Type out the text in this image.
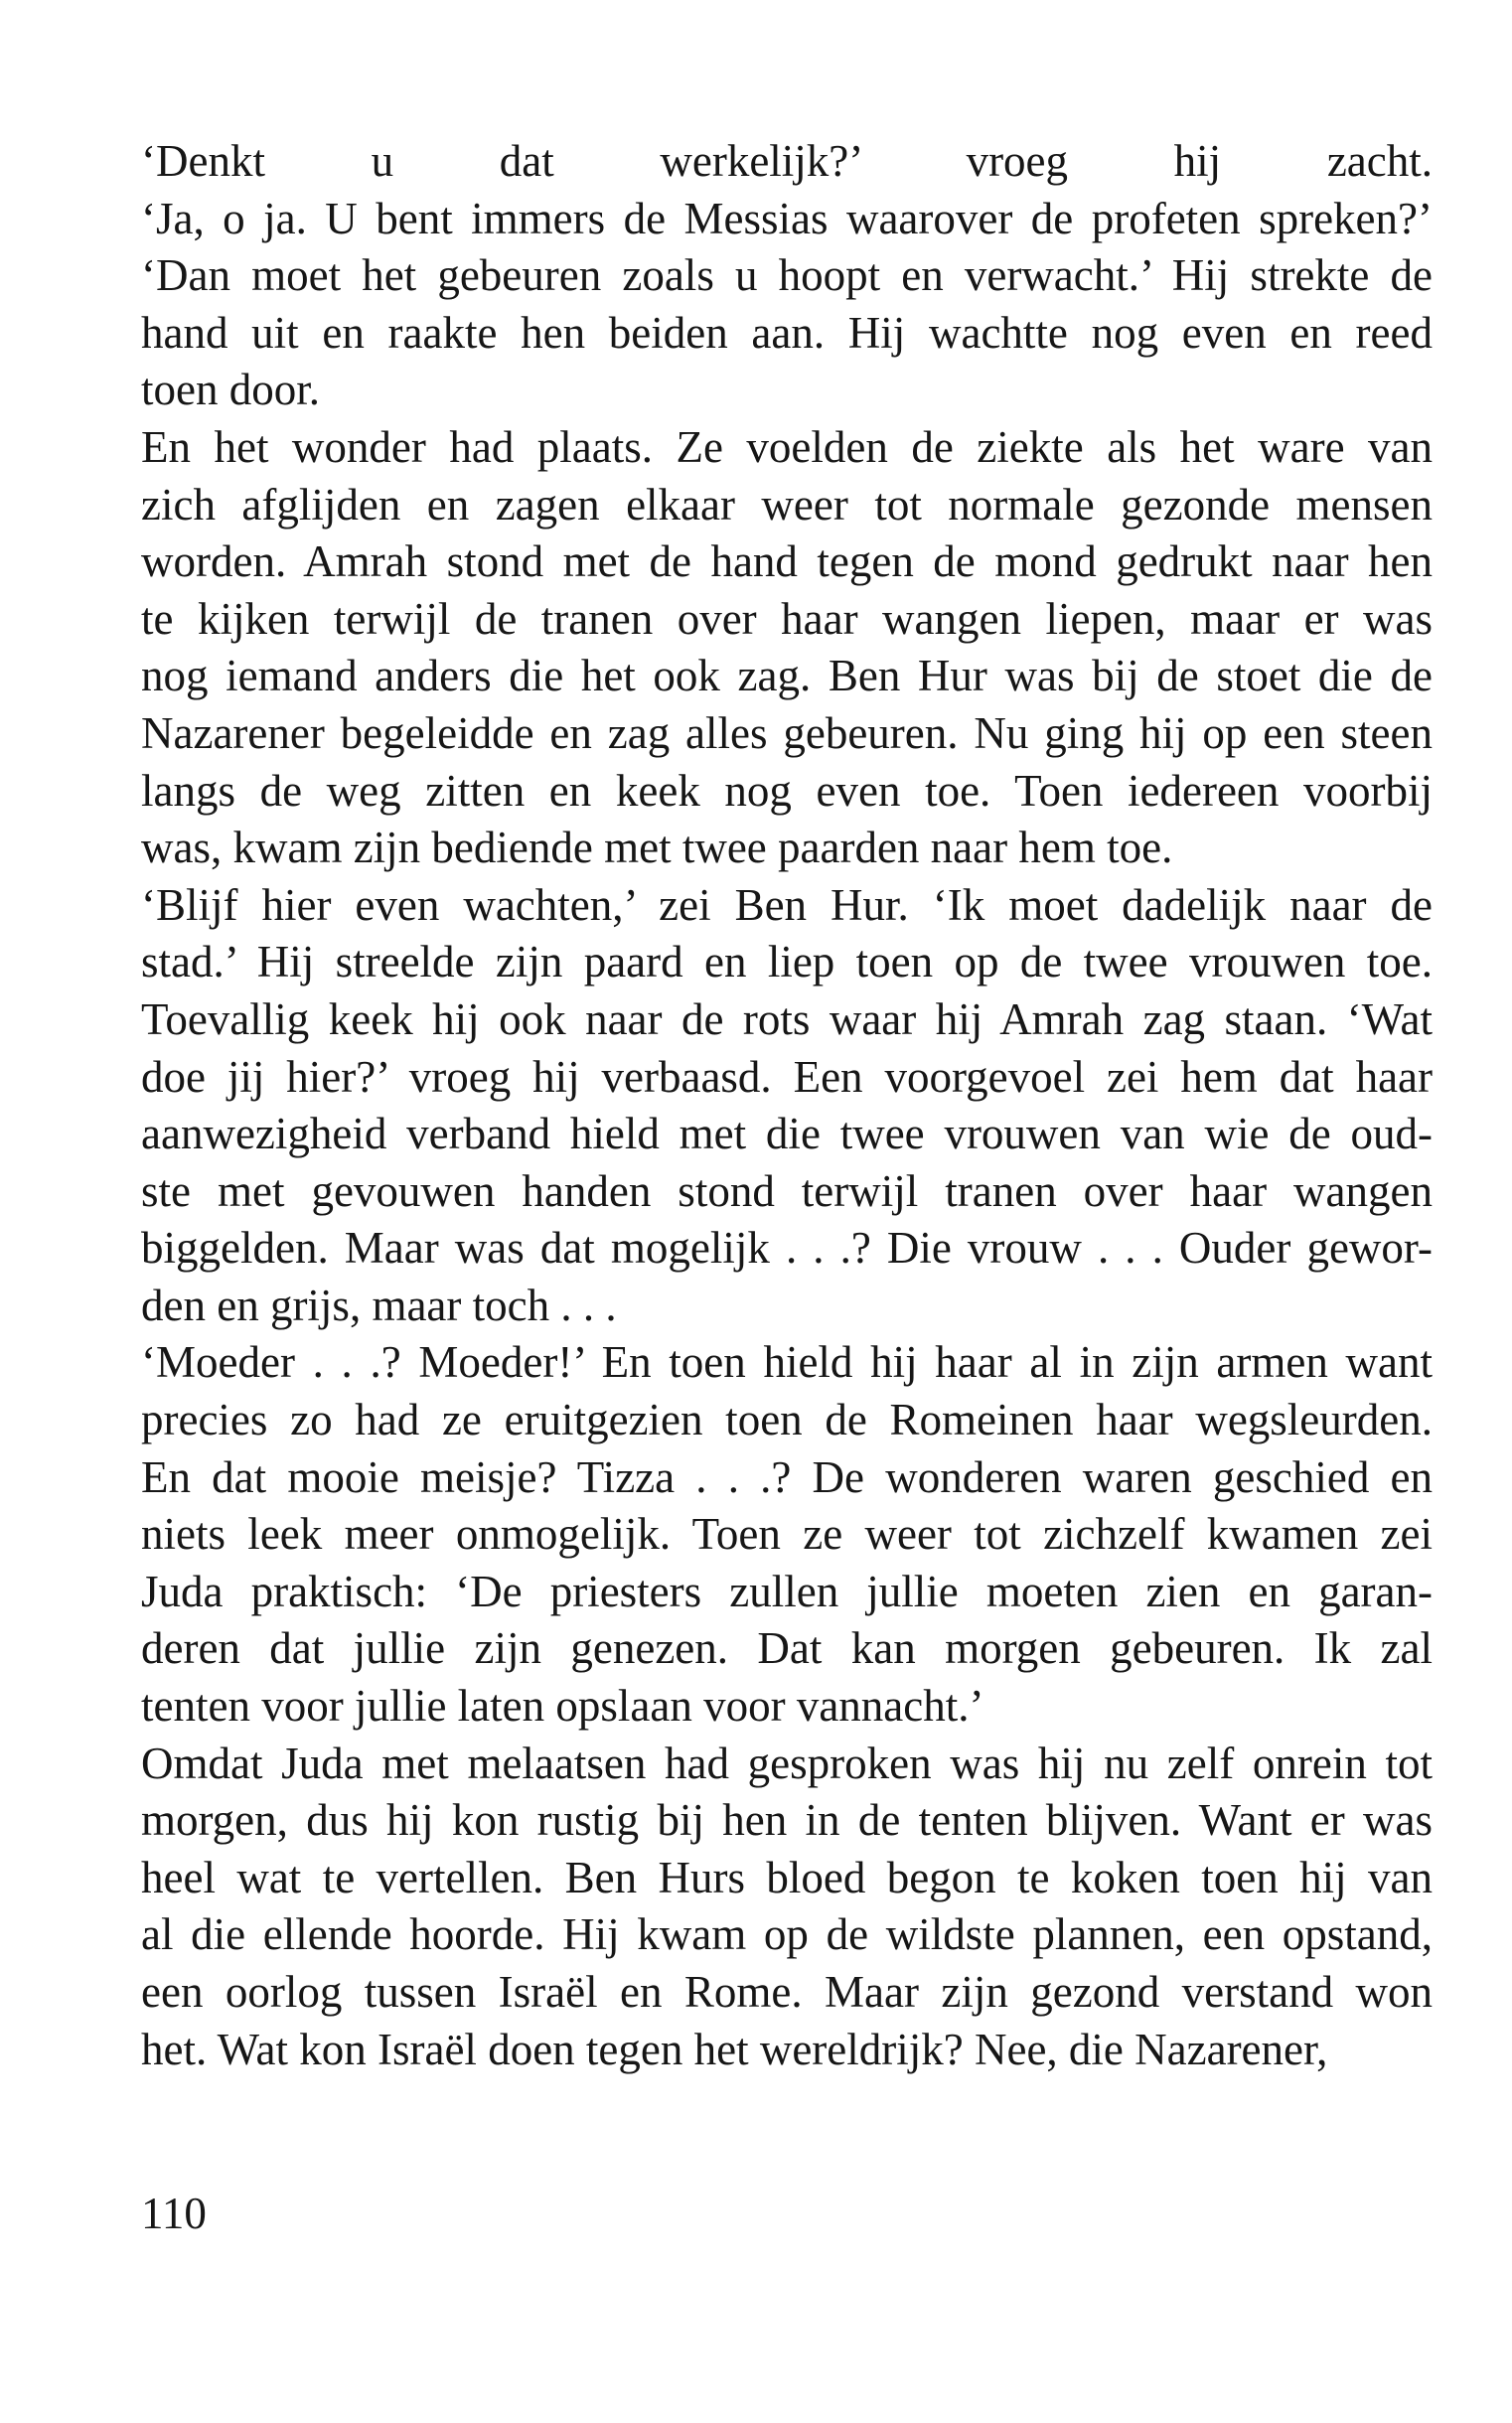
‘Denkt u dat werkelijk?’ vroeg hij zacht.
‘Ja, o ja. U bent immers de Messias waarover de profeten spreken?’
‘Dan moet het gebeuren zoals u hoopt en verwacht.’ Hij strekte de
hand uit en raakte hen beiden aan. Hij wachtte nog even en reed
toen door.
En het wonder had plaats. Ze voelden de ziekte als het ware van
zich afglijden en zagen elkaar weer tot normale gezonde mensen
worden. Amrah stond met de hand tegen de mond gedrukt naar hen
te kijken terwijl de tranen over haar wangen liepen, maar er was
nog iemand anders die het ook zag. Ben Hur was bij de stoet die de
Nazarener begeleidde en zag alles gebeuren. Nu ging hij op een steen
langs de weg zitten en keek nog even toe. Toen iedereen voorbij
was, kwam zijn bediende met twee paarden naar hem toe.
‘Blijf hier even wachten,’ zei Ben Hur. ‘Ik moet dadelijk naar de
stad.’ Hij streelde zijn paard en liep toen op de twee vrouwen toe.
Toevallig keek hij ook naar de rots waar hij Amrah zag staan. ‘Wat
doe jij hier?’ vroeg hij verbaasd. Een voorgevoel zei hem dat haar
aanwezigheid verband hield met die twee vrouwen van wie de oud-
ste met gevouwen handen stond terwijl tranen over haar wangen
biggelden. Maar was dat mogelijk . . .? Die vrouw . . . Ouder gewor-
den en grijs, maar toch . . .
‘Moeder . . .? Moeder!’ En toen hield hij haar al in zijn armen want
precies zo had ze eruitgezien toen de Romeinen haar wegsleurden.
En dat mooie meisje? Tizza . . .? De wonderen waren geschied en
niets leek meer onmogelijk. Toen ze weer tot zichzelf kwamen zei
Juda praktisch: ‘De priesters zullen jullie moeten zien en garan-
deren dat jullie zijn genezen. Dat kan morgen gebeuren. Ik zal
tenten voor jullie laten opslaan voor vannacht.’
Omdat Juda met melaatsen had gesproken was hij nu zelf onrein tot
morgen, dus hij kon rustig bij hen in de tenten blijven. Want er was
heel wat te vertellen. Ben Hurs bloed begon te koken toen hij van
al die ellende hoorde. Hij kwam op de wildste plannen, een opstand,
een oorlog tussen Israël en Rome. Maar zijn gezond verstand won
het. Wat kon Israël doen tegen het wereldrijk? Nee, die Nazarener,
110
